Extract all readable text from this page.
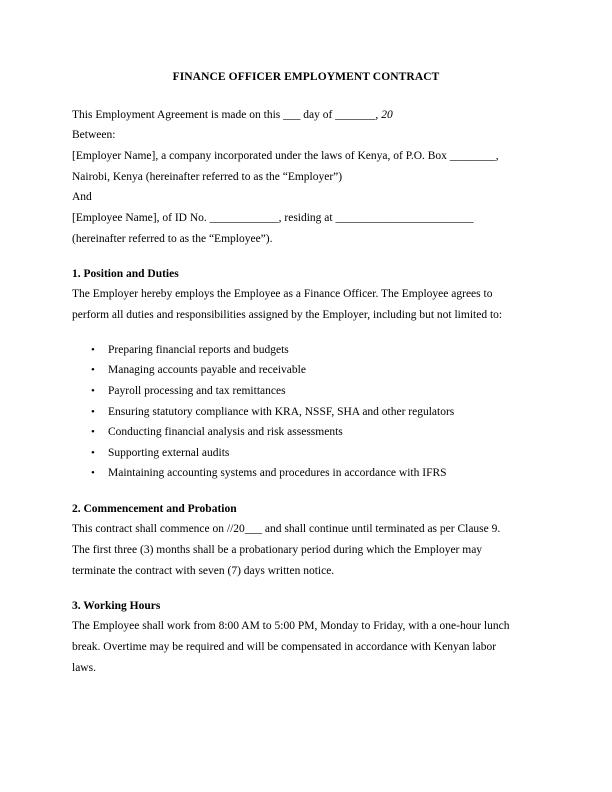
FINANCE OFFICER EMPLOYMENT CONTRACT
This Employment Agreement is made on this ___ day of _______, 20
Between:
[Employer Name], a company incorporated under the laws of Kenya, of P.O. Box ________,
Nairobi, Kenya (hereinafter referred to as the “Employer”)
And
[Employee Name], of ID No. ____________, residing at ________________________
(hereinafter referred to as the “Employee”).
1. Position and Duties
The Employer hereby employs the Employee as a Finance Officer. The Employee agrees to
perform all duties and responsibilities assigned by the Employer, including but not limited to:
•	Preparing financial reports and budgets
•	Managing accounts payable and receivable
•	Payroll processing and tax remittances
•	Ensuring statutory compliance with KRA, NSSF, SHA and other regulators
•	Conducting financial analysis and risk assessments
•	Supporting external audits
•	Maintaining accounting systems and procedures in accordance with IFRS
2. Commencement and Probation
This contract shall commence on //20___ and shall continue until terminated as per Clause 9.
The first three (3) months shall be a probationary period during which the Employer may
terminate the contract with seven (7) days written notice.
3. Working Hours
The Employee shall work from 8:00 AM to 5:00 PM, Monday to Friday, with a one-hour lunch
break. Overtime may be required and will be compensated in accordance with Kenyan labor
laws.
